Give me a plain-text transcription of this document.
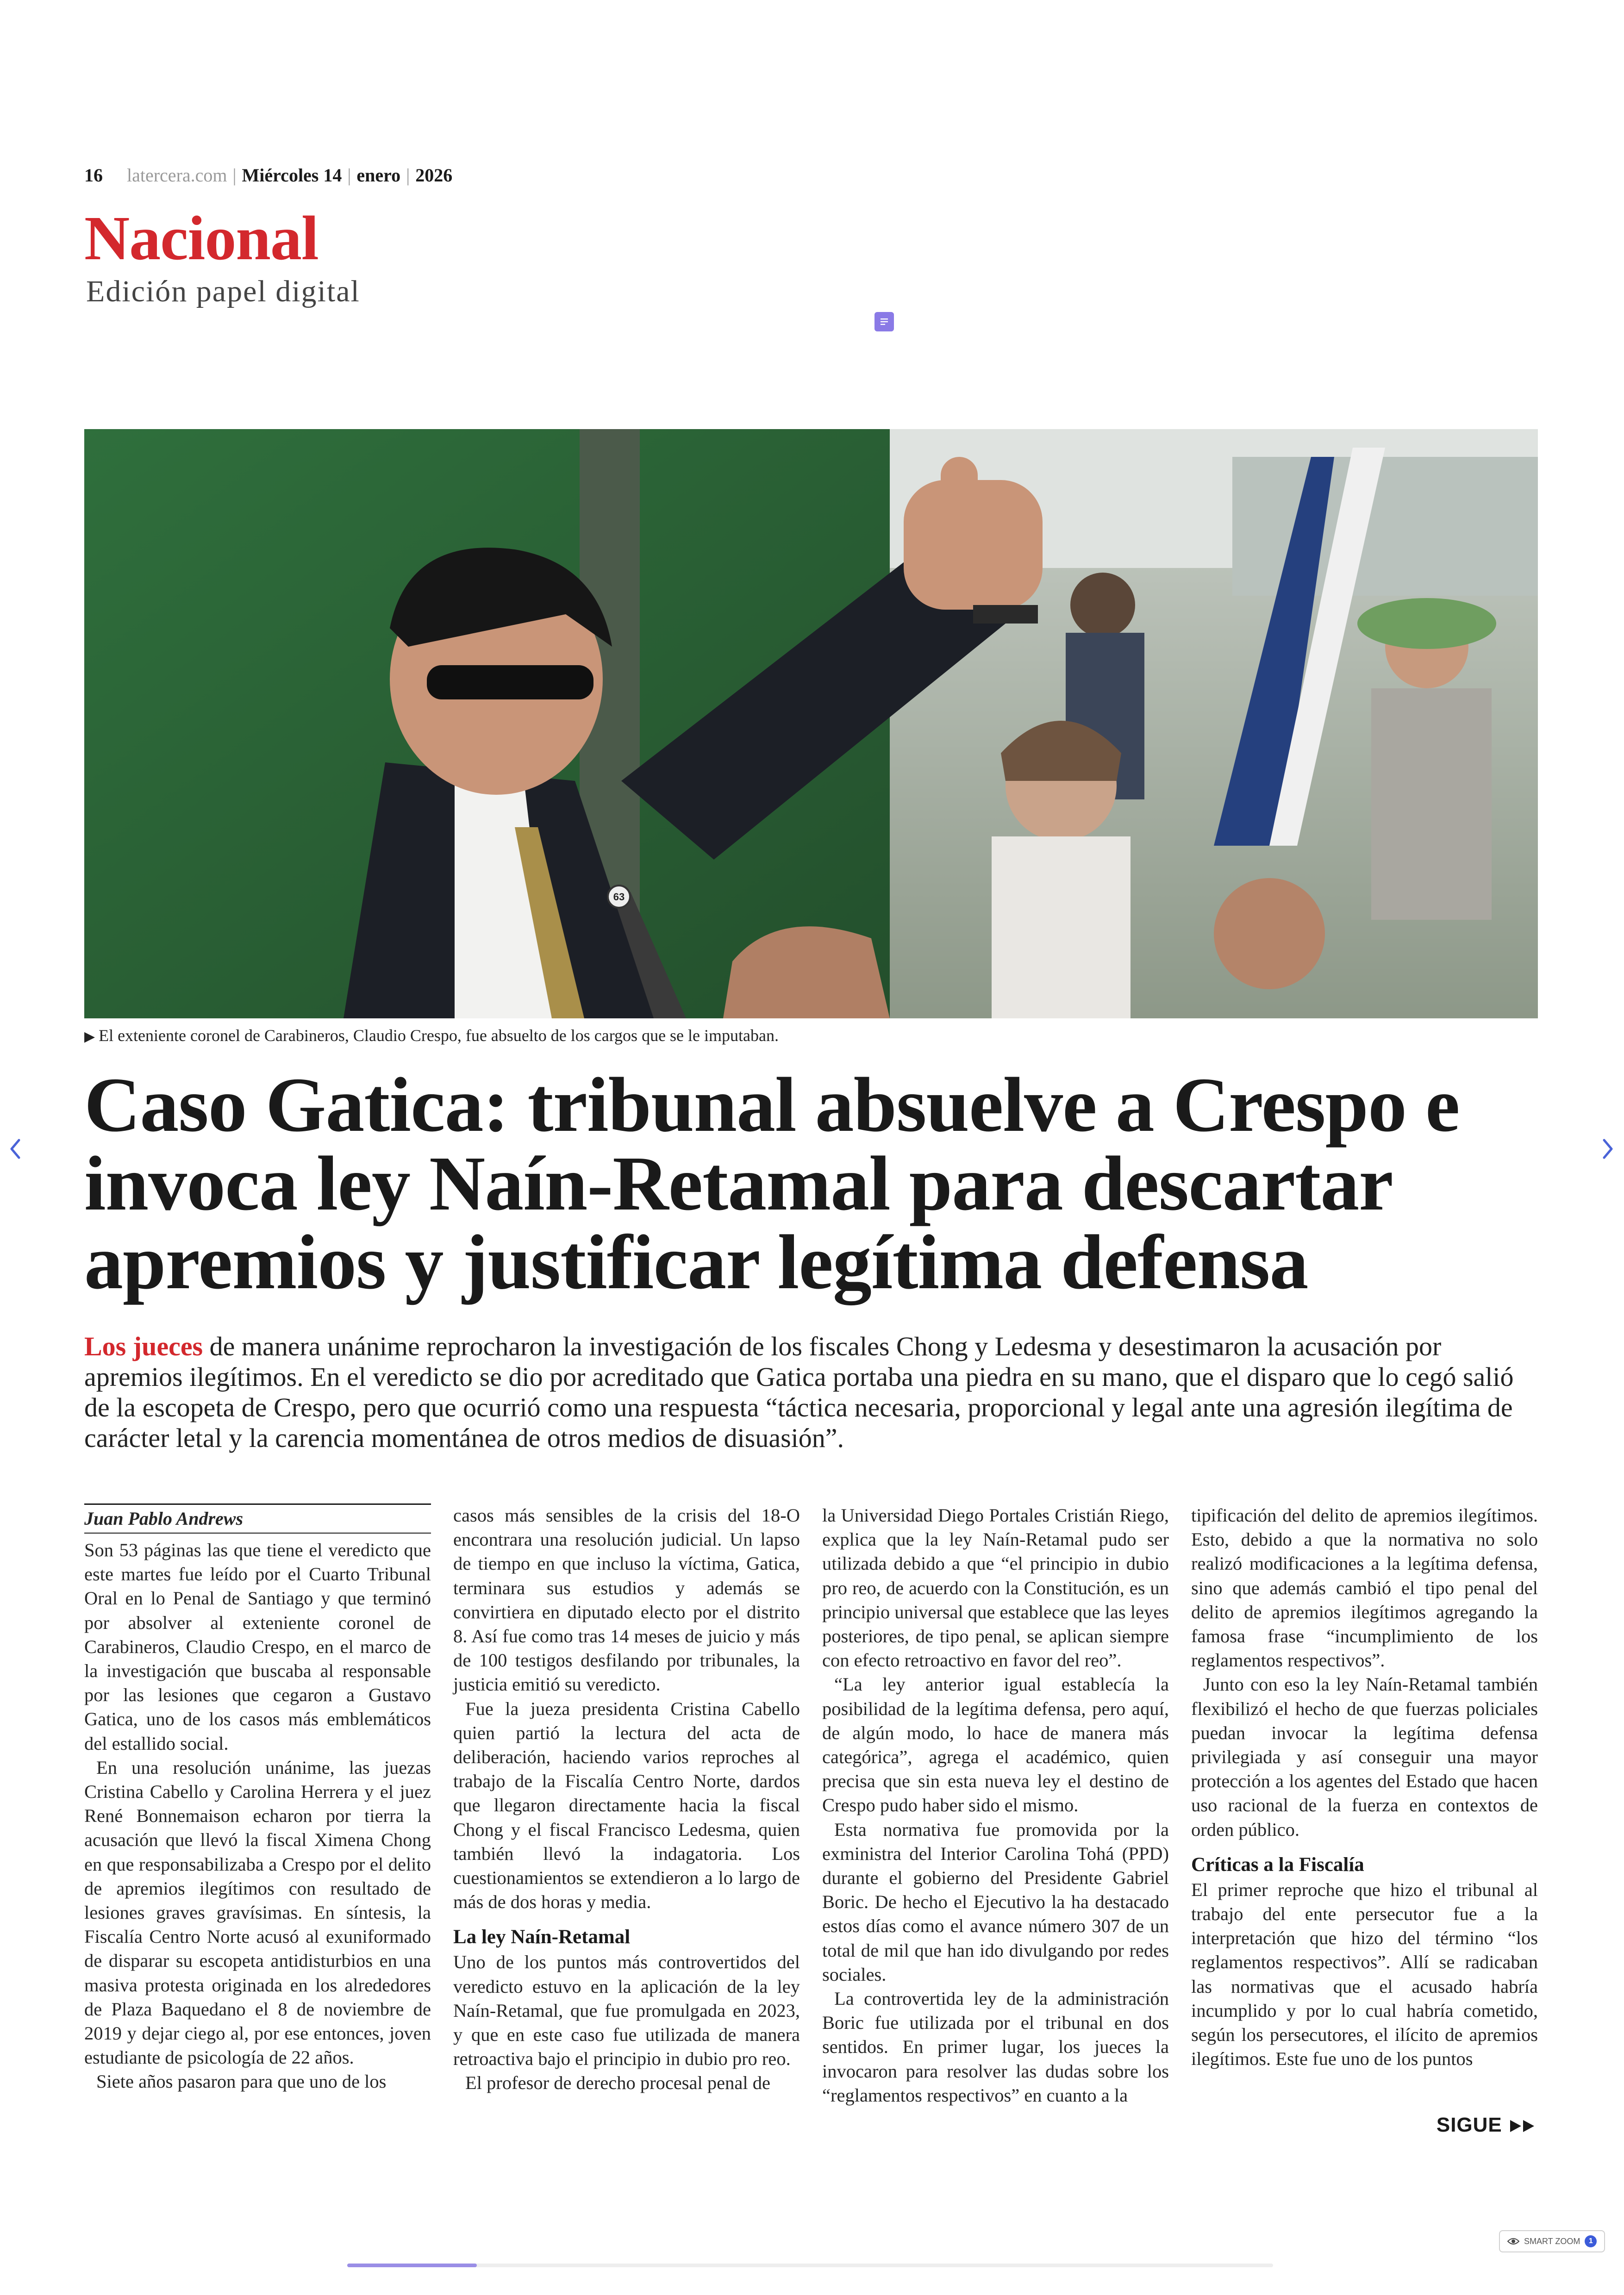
16 latercera.com | Miércoles 14 | enero | 2026
Nacional
Edición papel digital
63
▶ El exteniente coronel de Carabineros, Claudio Crespo, fue absuelto de los cargos que se le imputaban.
Caso Gatica: tribunal absuelve a Crespo e
invoca ley Naín-Retamal para descartar
apremios y justificar legítima defensa

Los jueces de manera unánime reprocharon la investigación de los fiscales Chong y Ledesma y desestimaron la acusación por apremios ilegítimos. En el veredicto se dio por acreditado que Gatica portaba una piedra en su mano, que el disparo que lo cegó salió de la escopeta de Crespo, pero que ocurrió como una respuesta “táctica necesaria, proporcional y legal ante una agresión ilegítima de carácter letal y la carencia momentánea de otros medios de disuasión”.

Juan Pablo Andrews

Son 53 páginas las que tiene el veredicto que este martes fue leído por el Cuarto Tribunal Oral en lo Penal de Santiago y que terminó por absolver al exteniente coronel de Carabineros, Claudio Crespo, en el marco de la investigación que buscaba al responsable por las lesiones que cegaron a Gustavo Gatica, uno de los casos más emblemáticos del estallido social.

En una resolución unánime, las juezas Cristina Cabello y Carolina Herrera y el juez René Bonnemaison echaron por tierra la acusación que llevó la fiscal Ximena Chong en que responsabilizaba a Crespo por el delito de apremios ilegítimos con resultado de lesiones graves gravísimas. En síntesis, la Fiscalía Centro Norte acusó al exuniformado de disparar su escopeta antidisturbios en una masiva protesta originada en los alrededores de Plaza Baquedano el 8 de noviembre de 2019 y dejar ciego al, por ese entonces, joven estudiante de psicología de 22 años.

Siete años pasaron para que uno de los

casos más sensibles de la crisis del 18-O encontrara una resolución judicial. Un lapso de tiempo en que incluso la víctima, Gatica, terminara sus estudios y además se convirtiera en diputado electo por el distrito 8. Así fue como tras 14 meses de juicio y más de 100 testigos desfilando por tribunales, la justicia emitió su veredicto.

Fue la jueza presidenta Cristina Cabello quien partió la lectura del acta de deliberación, haciendo varios reproches al trabajo de la Fiscalía Centro Norte, dardos que llegaron directamente hacia la fiscal Chong y el fiscal Francisco Ledesma, quien también llevó la indagatoria. Los cuestionamientos se extendieron a lo largo de más de dos horas y media.

La ley Naín-Retamal

Uno de los puntos más controvertidos del veredicto estuvo en la aplicación de la ley Naín-Retamal, que fue promulgada en 2023, y que en este caso fue utilizada de manera retroactiva bajo el principio in dubio pro reo.

El profesor de derecho procesal penal de

la Universidad Diego Portales Cristián Riego, explica que la ley Naín-Retamal pudo ser utilizada debido a que “el principio in dubio pro reo, de acuerdo con la Constitución, es un principio universal que establece que las leyes posteriores, de tipo penal, se aplican siempre con efecto retroactivo en favor del reo”.

“La ley anterior igual establecía la posibilidad de la legítima defensa, pero aquí, de algún modo, lo hace de manera más categórica”, agrega el académico, quien precisa que sin esta nueva ley el destino de Crespo pudo haber sido el mismo.

Esta normativa fue promovida por la exministra del Interior Carolina Tohá (PPD) durante el gobierno del Presidente Gabriel Boric. De hecho el Ejecutivo la ha destacado estos días como el avance número 307 de un total de mil que han ido divulgando por redes sociales.

La controvertida ley de la administración Boric fue utilizada por el tribunal en dos sentidos. En primer lugar, los jueces la invocaron para resolver las dudas sobre los “reglamentos respectivos” en cuanto a la

tipificación del delito de apremios ilegítimos. Esto, debido a que la normativa no solo realizó modificaciones a la legítima defensa, sino que además cambió el tipo penal del delito de apremios ilegítimos agregando la famosa frase “incumplimiento de los reglamentos respectivos”.

Junto con eso la ley Naín-Retamal también flexibilizó el hecho de que fuerzas policiales puedan invocar la legítima defensa privilegiada y así conseguir una mayor protección a los agentes del Estado que hacen uso racional de la fuerza en contextos de orden público.

Críticas a la Fiscalía

El primer reproche que hizo el tribunal al trabajo del ente persecutor fue a la interpretación que hizo del término “los reglamentos respectivos”. Allí se radicaban las normativas que el acusado habría incumplido y por lo cual habría cometido, según los persecutores, el ilícito de apremios ilegítimos. Este fue uno de los puntos

SIGUE
SMART ZOOM	1
